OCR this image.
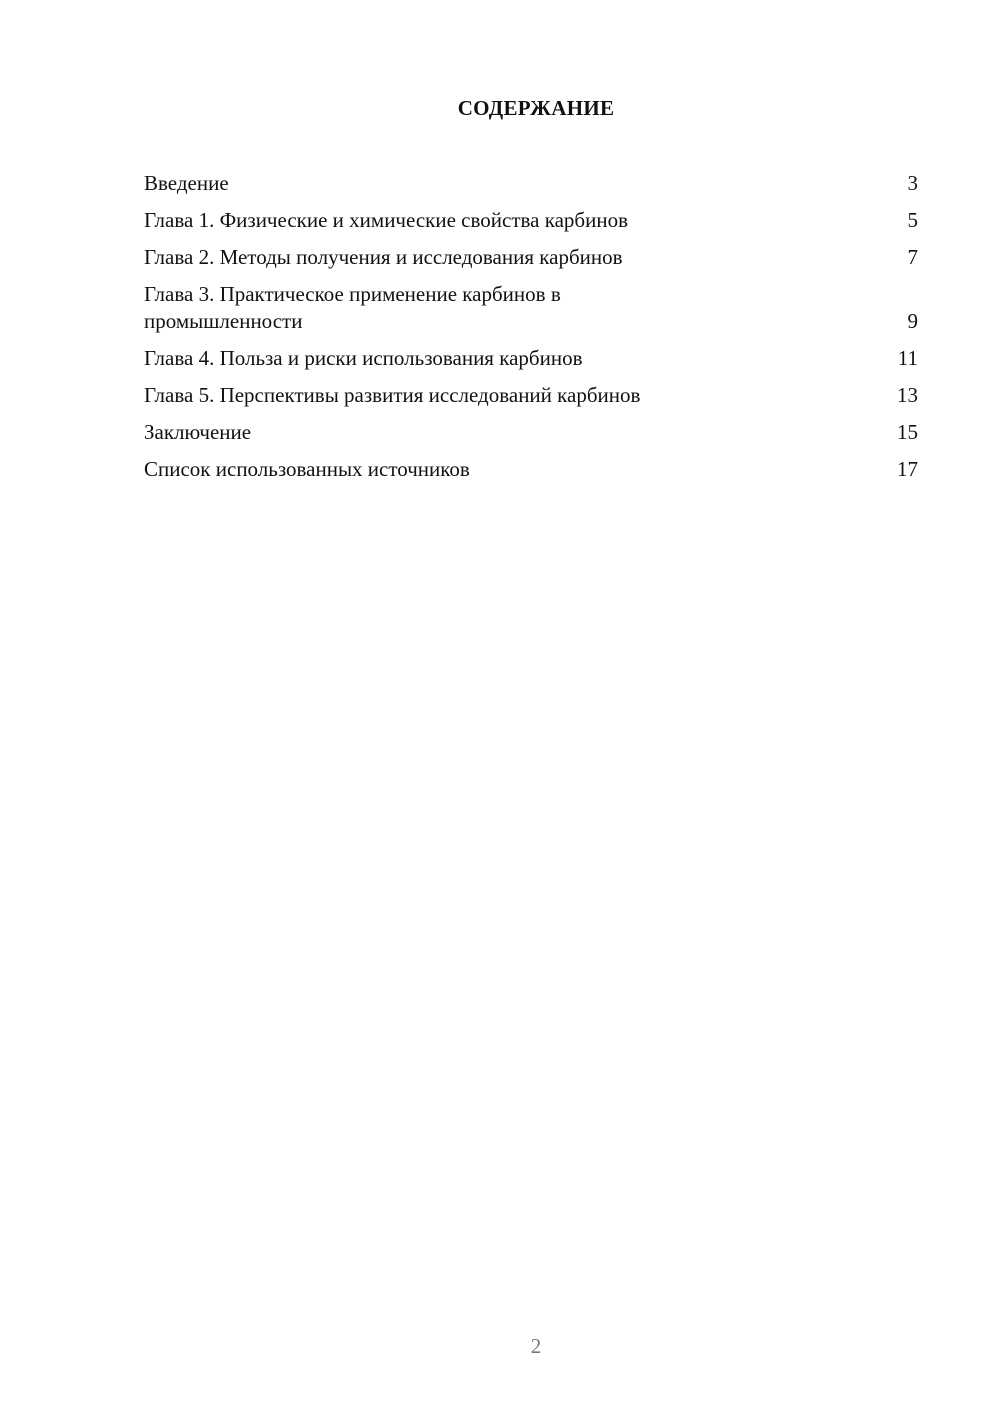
СОДЕРЖАНИЕ
Введение	3
Глава 1. Физические и химические свойства карбинов	5
Глава 2. Методы получения и исследования карбинов	7
Глава 3. Практическое применение карбинов в промышленности	9
Глава 4. Польза и риски использования карбинов	11
Глава 5. Перспективы развития исследований карбинов	13
Заключение	15
Список использованных источников	17
2
